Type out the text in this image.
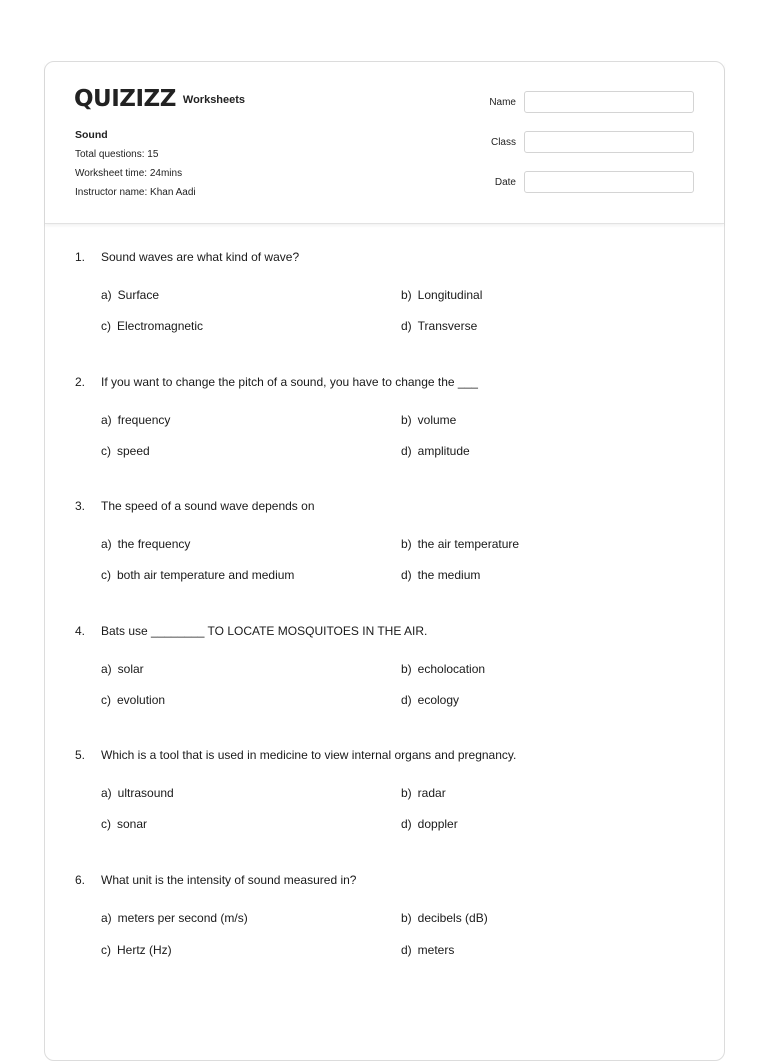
QUIZIZZ Worksheets
Sound
Total questions: 15
Worksheet time: 24mins
Instructor name: Khan Aadi
Name
Class
Date
1.	Sound waves are what kind of wave?
a) Surface	b) Longitudinal
c) Electromagnetic	d) Transverse
2.	If you want to change the pitch of a sound, you have to change the ___
a) frequency	b) volume
c) speed	d) amplitude
3.	The speed of a sound wave depends on
a) the frequency	b) the air temperature
c) both air temperature and medium	d) the medium
4.	Bats use ________ TO LOCATE MOSQUITOES IN THE AIR.
a) solar	b) echolocation
c) evolution	d) ecology
5.	Which is a tool that is used in medicine to view internal organs and pregnancy.
a) ultrasound	b) radar
c) sonar	d) doppler
6.	What unit is the intensity of sound measured in?
a) meters per second (m/s)	b) decibels (dB)
c) Hertz (Hz)	d) meters
